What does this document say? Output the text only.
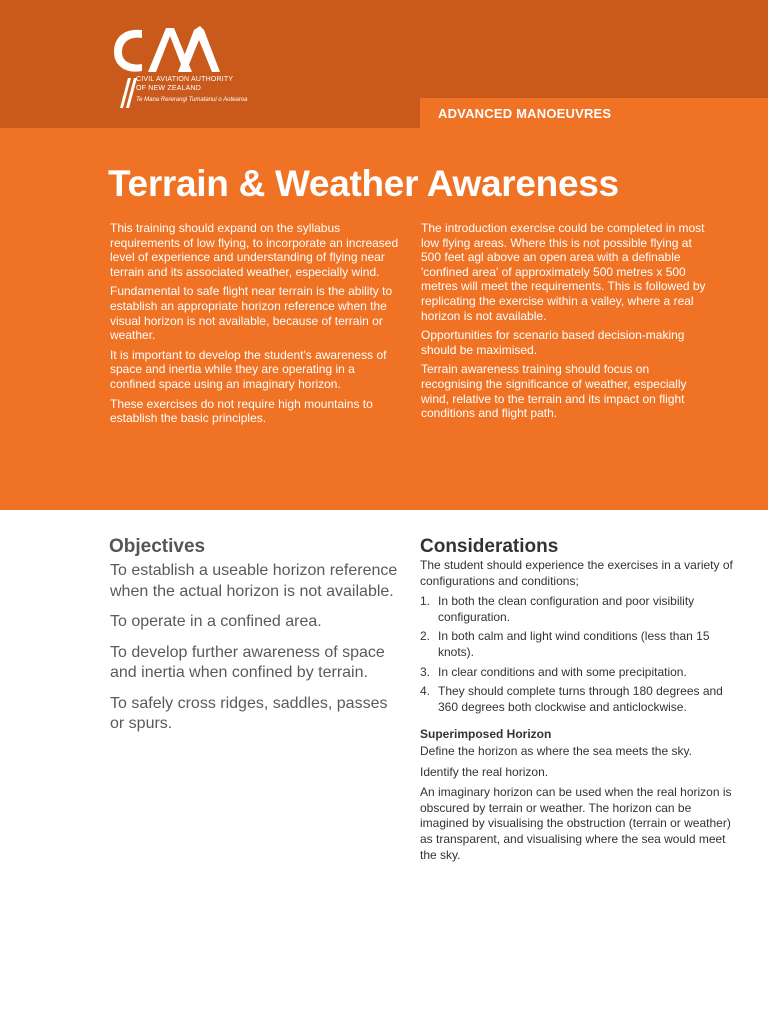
CIVIL AVIATION AUTHORITY
OF NEW ZEALAND
Te Mana Rererangi Tumatanui o Aotearoa
ADVANCED MANOEUVRES
Terrain & Weather Awareness

This training should expand on the syllabus requirements of low flying, to incorporate an increased level of experience and understanding of flying near terrain and its associated weather, especially wind.

Fundamental to safe flight near terrain is the ability to establish an appropriate horizon reference when the visual horizon is not available, because of terrain or weather.

It is important to develop the student's awareness of space and inertia while they are operating in a confined space using an imaginary horizon.

These exercises do not require high mountains to establish the basic principles.

The introduction exercise could be completed in most low flying areas. Where this is not possible flying at 500 feet agl above an open area with a definable 'confined area' of approximately 500 metres x 500 metres will meet the requirements. This is followed by replicating the exercise within a valley, where a real horizon is not available.

Opportunities for scenario based decision-making should be maximised.

Terrain awareness training should focus on recognising the significance of weather, especially wind, relative to the terrain and its impact on flight conditions and flight path.

Objectives

To establish a useable horizon reference when the actual horizon is not available.

To operate in a confined area.

To develop further awareness of space and inertia when confined by terrain.

To safely cross ridges, saddles, passes or spurs.

Considerations

The student should experience the exercises in a variety of configurations and conditions;

1. In both the clean configuration and poor visibility configuration.
2. In both calm and light wind conditions (less than 15 knots).
3. In clear conditions and with some precipitation.
4. They should complete turns through 180 degrees and 360 degrees both clockwise and anticlockwise.
Superimposed Horizon

Define the horizon as where the sea meets the sky.

Identify the real horizon.

An imaginary horizon can be used when the real horizon is obscured by terrain or weather. The horizon can be imagined by visualising the obstruction (terrain or weather) as transparent, and visualising where the sea would meet the sky.
